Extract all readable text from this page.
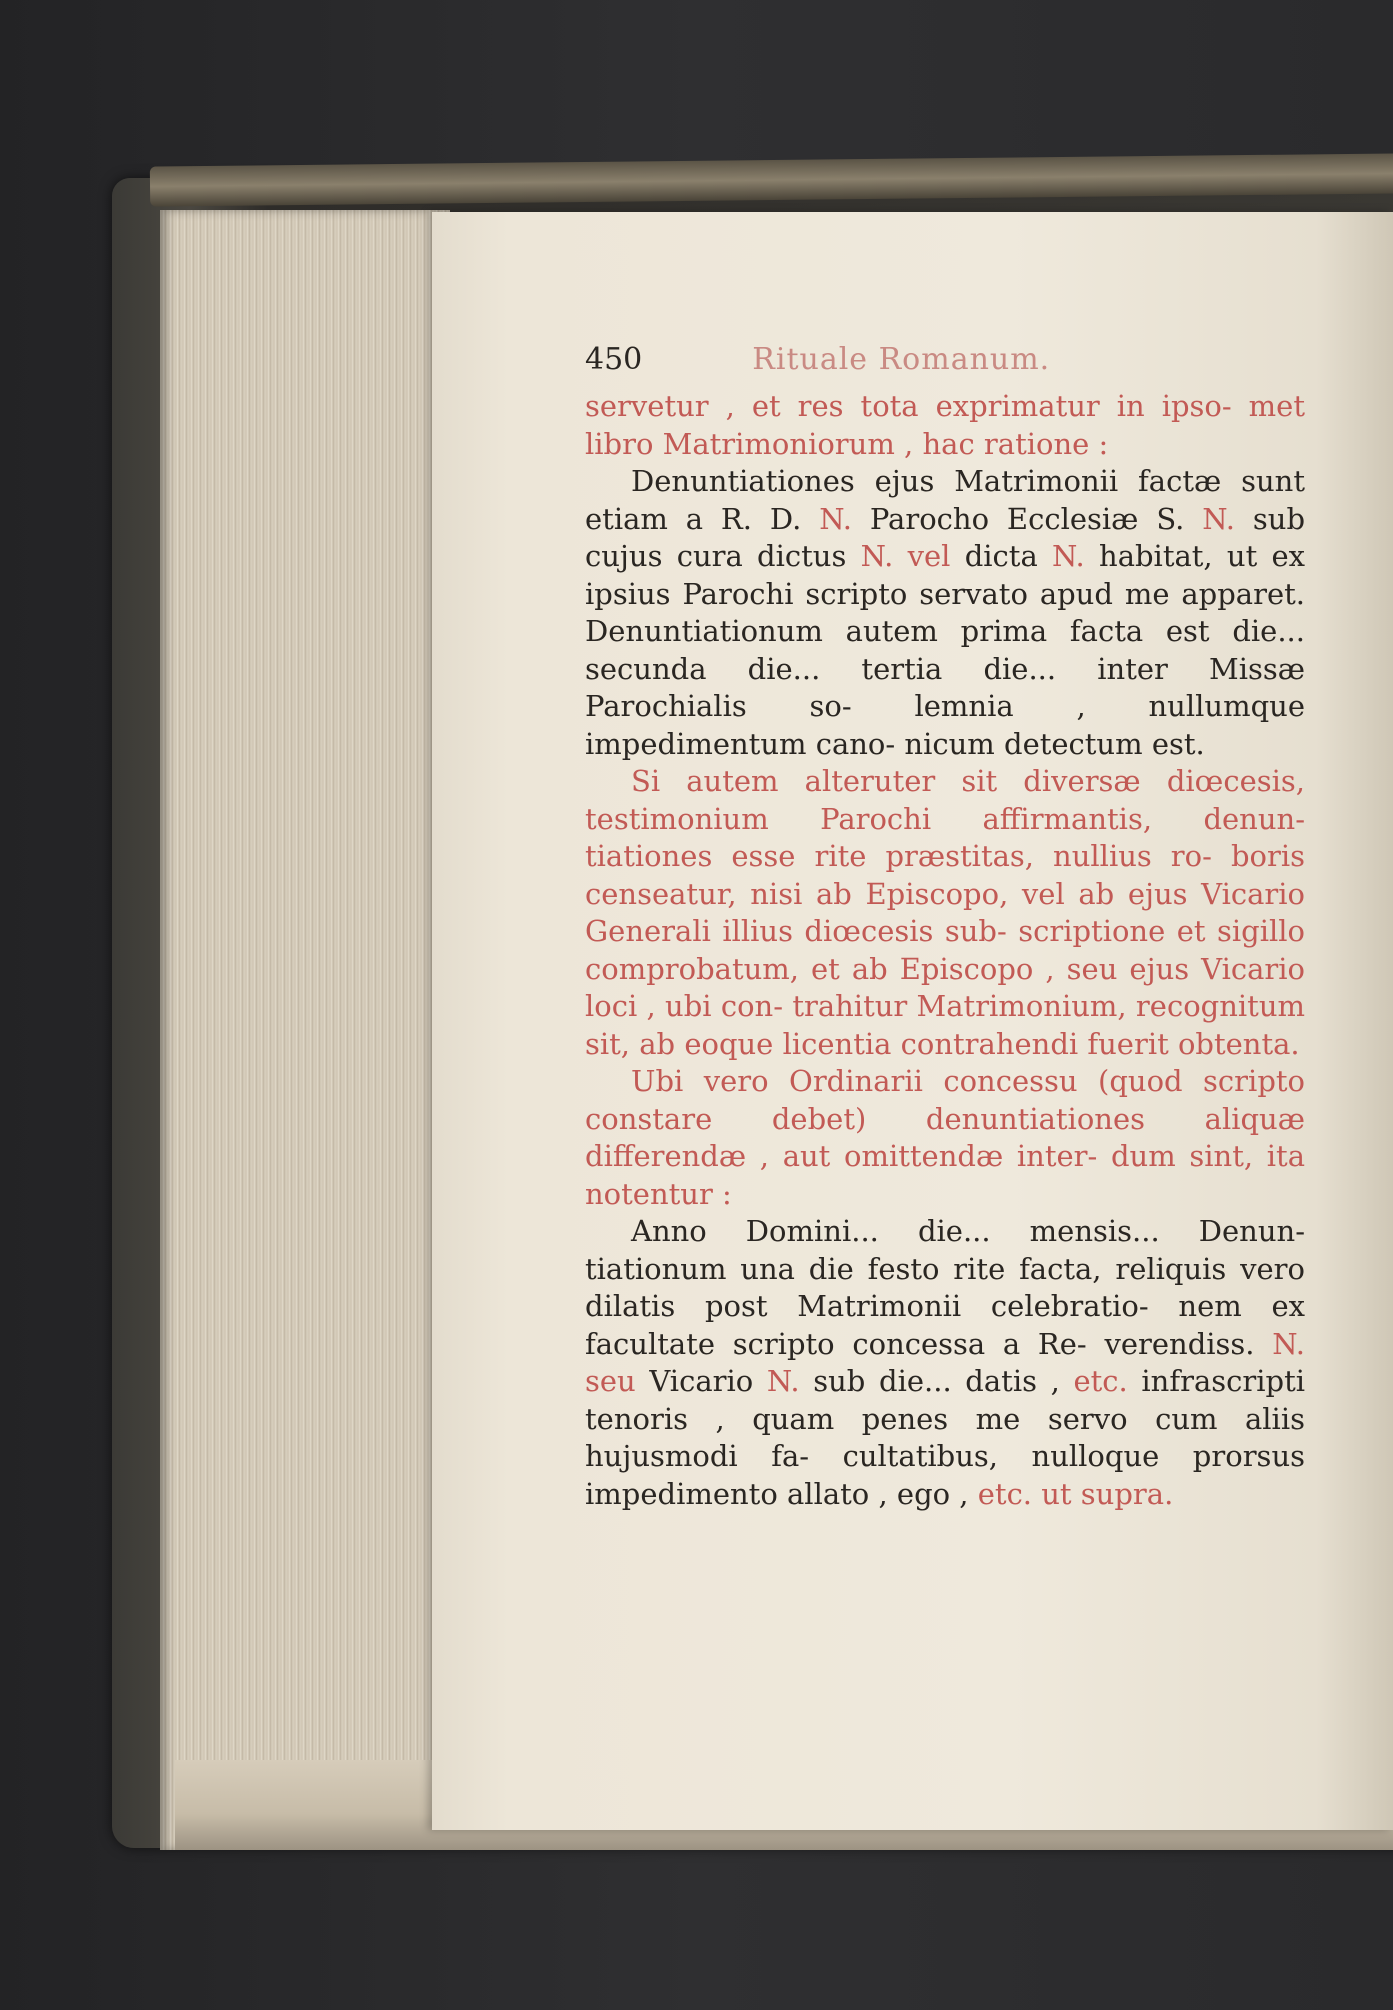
450	Rituale Romanum.

servetur , et res tota exprimatur in ipso- met libro Matrimoniorum , hac ratione :

Denuntiationes ejus Matrimonii factæ sunt etiam a R. D. N. Parocho Ecclesiæ S. N. sub cujus cura dictus N. vel dicta N. habitat, ut ex ipsius Parochi scripto servato apud me apparet. Denuntiationum autem prima facta est die... secunda die... tertia die... inter Missæ Parochialis so- lemnia , nullumque impedimentum cano- nicum detectum est.

Si autem alteruter sit diversæ diœcesis, testimonium Parochi affirmantis, denun- tiationes esse rite præstitas, nullius ro- boris censeatur, nisi ab Episcopo, vel ab ejus Vicario Generali illius diœcesis sub- scriptione et sigillo comprobatum, et ab Episcopo , seu ejus Vicario loci , ubi con- trahitur Matrimonium, recognitum sit, ab eoque licentia contrahendi fuerit obtenta.

Ubi vero Ordinarii concessu (quod scripto constare debet) denuntiationes aliquæ differendæ , aut omittendæ inter- dum sint, ita notentur :

Anno Domini... die... mensis... Denun- tiationum una die festo rite facta, reliquis vero dilatis post Matrimonii celebratio- nem ex facultate scripto concessa a Re- verendiss. N. seu Vicario N. sub die... datis , etc. infrascripti tenoris , quam penes me servo cum aliis hujusmodi fa- cultatibus, nulloque prorsus impedimento allato , ego , etc. ut supra.
